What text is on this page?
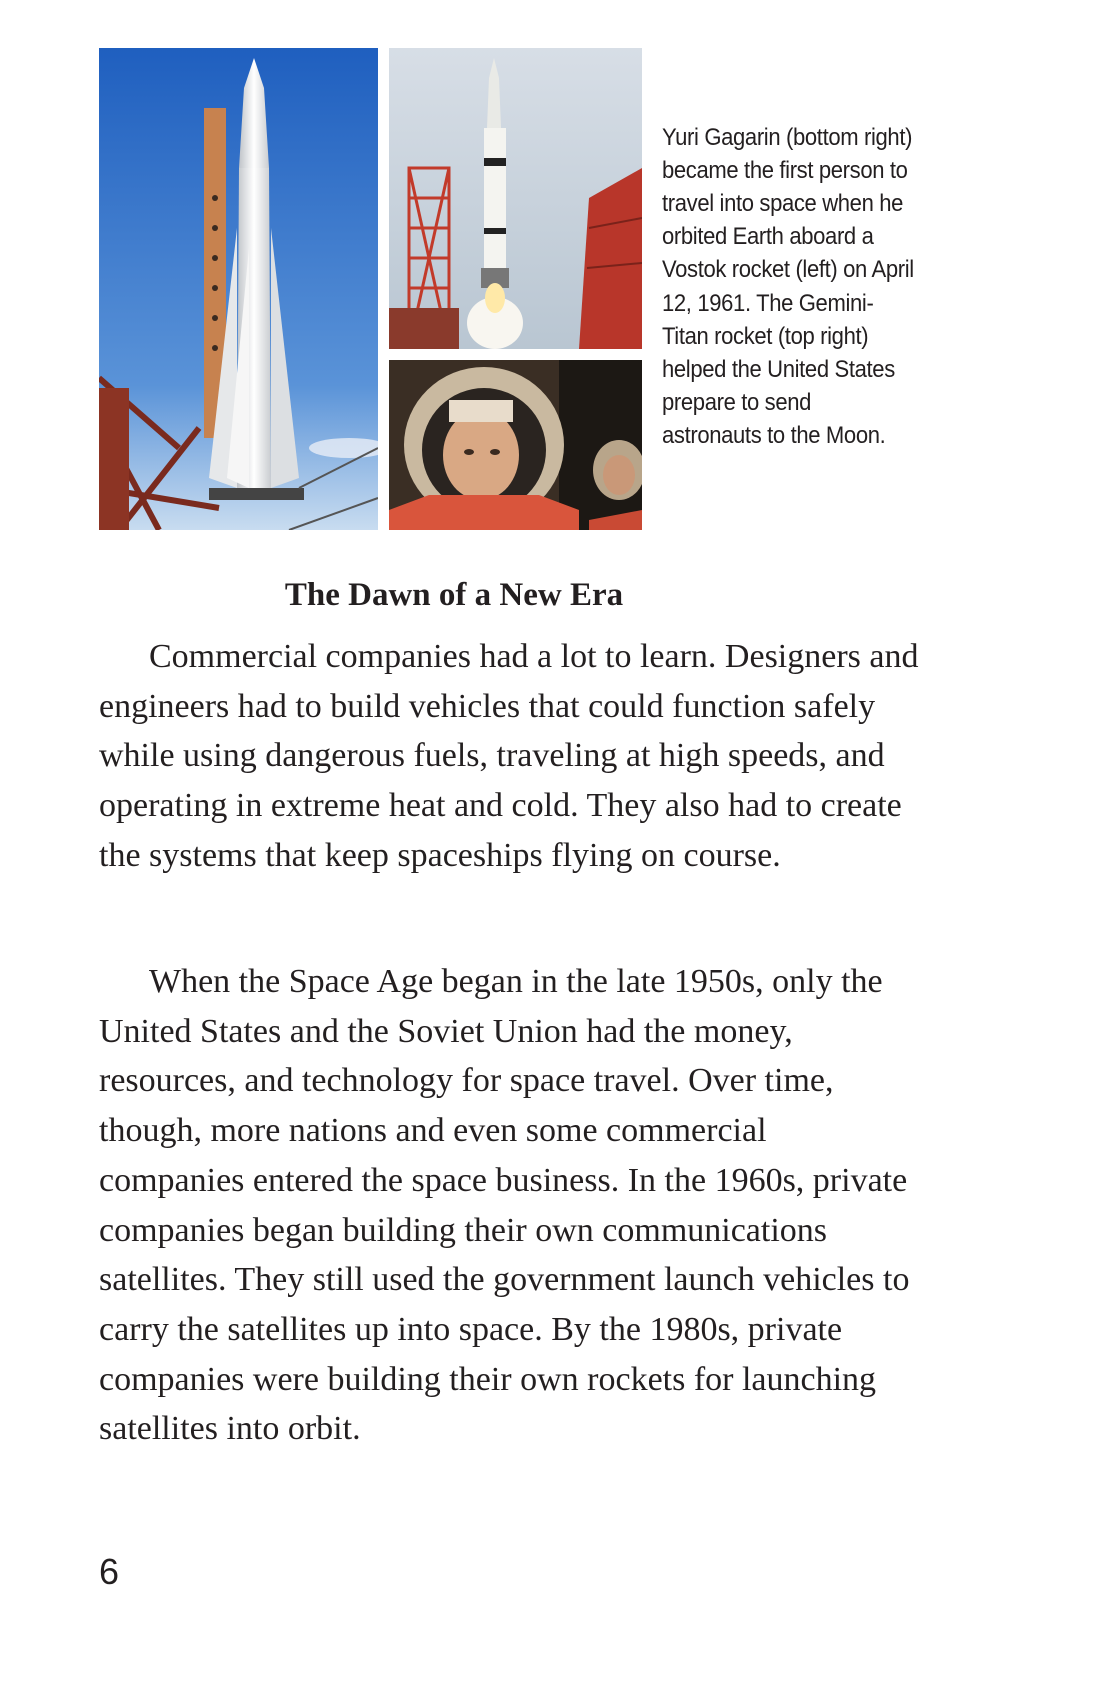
Yuri Gagarin (bottom right) became the first person to travel into space when he orbited Earth aboard a Vostok rocket (left) on April 12, 1961. The Gemini-Titan rocket (top right) helped the United States prepare to send astronauts to the Moon.

The Dawn of a New Era

Commercial companies had a lot to learn. Designers and engineers had to build vehicles that could function safely while using dangerous fuels, traveling at high speeds, and operating in extreme heat and cold. They also had to create the systems that keep spaceships flying on course.

When the Space Age began in the late 1950s, only the United States and the Soviet Union had the money, resources, and technology for space travel. Over time, though, more nations and even some commercial companies entered the space business. In the 1960s, private companies began building their own communications satellites. They still used the government launch vehicles to carry the satellites up into space. By the 1980s, private companies were building their own rockets for launching satellites into orbit.

6
